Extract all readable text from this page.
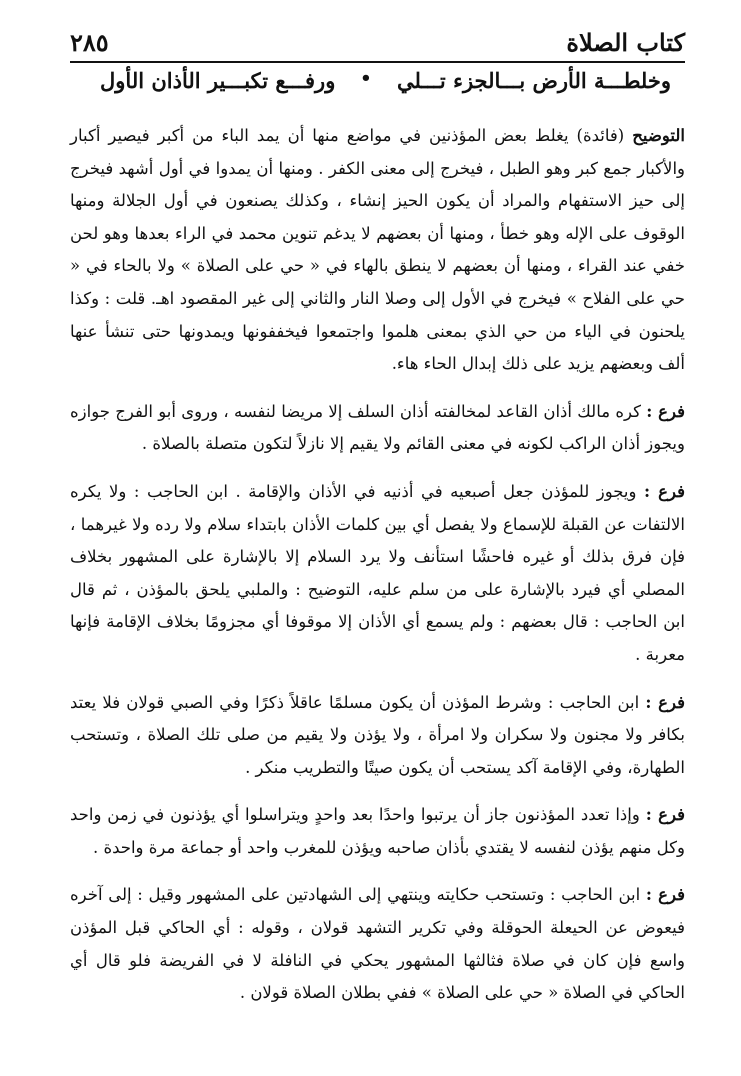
كتاب الصلاة
٢٨٥
وخلطـــة الأرض بـــالجزء تـــلي
•
ورفـــع تكبـــير الأذان الأول

التوضيح (فائدة) يغلط بعض المؤذنين في مواضع منها أن يمد الباء من أكبر فيصير أكبار والأكبار جمع كبر وهو الطبل ، فيخرج إلى معنى الكفر . ومنها أن يمدوا في أول أشهد فيخرج إلى حيز الاستفهام والمراد أن يكون الحيز إنشاء ، وكذلك يصنعون في أول الجلالة ومنها الوقوف على الإله وهو خطأ ، ومنها أن بعضهم لا يدغم تنوين محمد في الراء بعدها وهو لحن خفي عند القراء ، ومنها أن بعضهم لا ينطق بالهاء في « حي على الصلاة » ولا بالحاء في « حي على الفلاح » فيخرج في الأول إلى وصلا النار والثاني إلى غير المقصود اهـ. قلت : وكذا يلحنون في الياء من حي الذي بمعنى هلموا واجتمعوا فيخففونها ويمدونها حتى تنشأ عنها ألف وبعضهم يزيد على ذلك إبدال الحاء هاء.

فرع : كره مالك أذان القاعد لمخالفته أذان السلف إلا مريضا لنفسه ، وروى أبو الفرج جوازه ويجوز أذان الراكب لكونه في معنى القائم ولا يقيم إلا نازلاً لتكون متصلة بالصلاة .

فرع : ويجوز للمؤذن جعل أصبعيه في أذنيه في الأذان والإقامة . ابن الحاجب : ولا يكره الالتفات عن القبلة للإسماع ولا يفصل أي بين كلمات الأذان بابتداء سلام ولا رده ولا غيرهما ، فإن فرق بذلك أو غيره فاحشًا استأنف ولا يرد السلام إلا بالإشارة على المشهور بخلاف المصلي أي فيرد بالإشارة على من سلم عليه، التوضيح : والملبي يلحق بالمؤذن ، ثم قال ابن الحاجب : قال بعضهم : ولم يسمع أي الأذان إلا موقوفا أي مجزومًا بخلاف الإقامة فإنها معربة .

فرع : ابن الحاجب : وشرط المؤذن أن يكون مسلمًا عاقلاً ذكرًا وفي الصبي قولان فلا يعتد بكافر ولا مجنون ولا سكران ولا امرأة ، ولا يؤذن ولا يقيم من صلى تلك الصلاة ، وتستحب الطهارة، وفي الإقامة آكد يستحب أن يكون صيتًا والتطريب منكر .

فرع : وإذا تعدد المؤذنون جاز أن يرتبوا واحدًا بعد واحدٍ ويتراسلوا أي يؤذنون في زمن واحد وكل منهم يؤذن لنفسه لا يقتدي بأذان صاحبه ويؤذن للمغرب واحد أو جماعة مرة واحدة .

فرع : ابن الحاجب : وتستحب حكايته وينتهي إلى الشهادتين على المشهور وقيل : إلى آخره فيعوض عن الحيعلة الحوقلة وفي تكرير التشهد قولان ، وقوله : أي الحاكي قبل المؤذن واسع فإن كان في صلاة فثالثها المشهور يحكي في النافلة لا في الفريضة فلو قال أي الحاكي في الصلاة « حي على الصلاة » ففي بطلان الصلاة قولان .
